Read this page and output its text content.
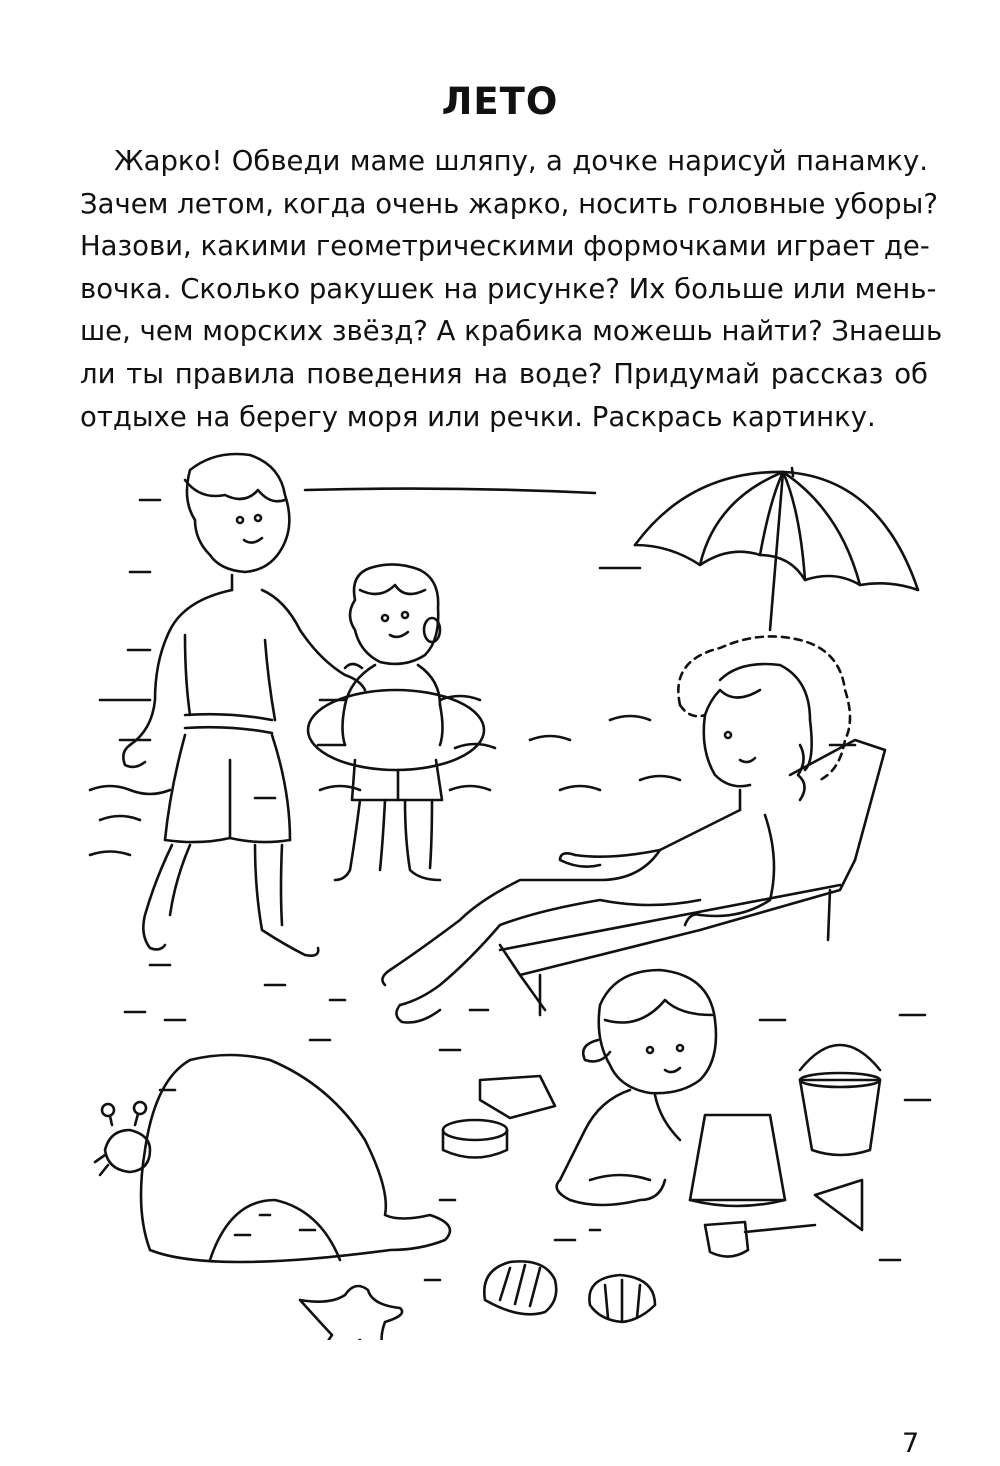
ЛЕТО
Жарко! Обведи маме шляпу, а дочке нарисуй панамку.
Зачем летом, когда очень жарко, носить головные уборы?
Назови, какими геометрическими формочками играет де-
вочка. Сколько ракушек на рисунке? Их больше или мень-
ше, чем морских звёзд? А крабика можешь найти? Знаешь
ли ты правила поведения на воде? Придумай рассказ об
отдыхе на берегу моря или речки. Раскрась картинку.
7
